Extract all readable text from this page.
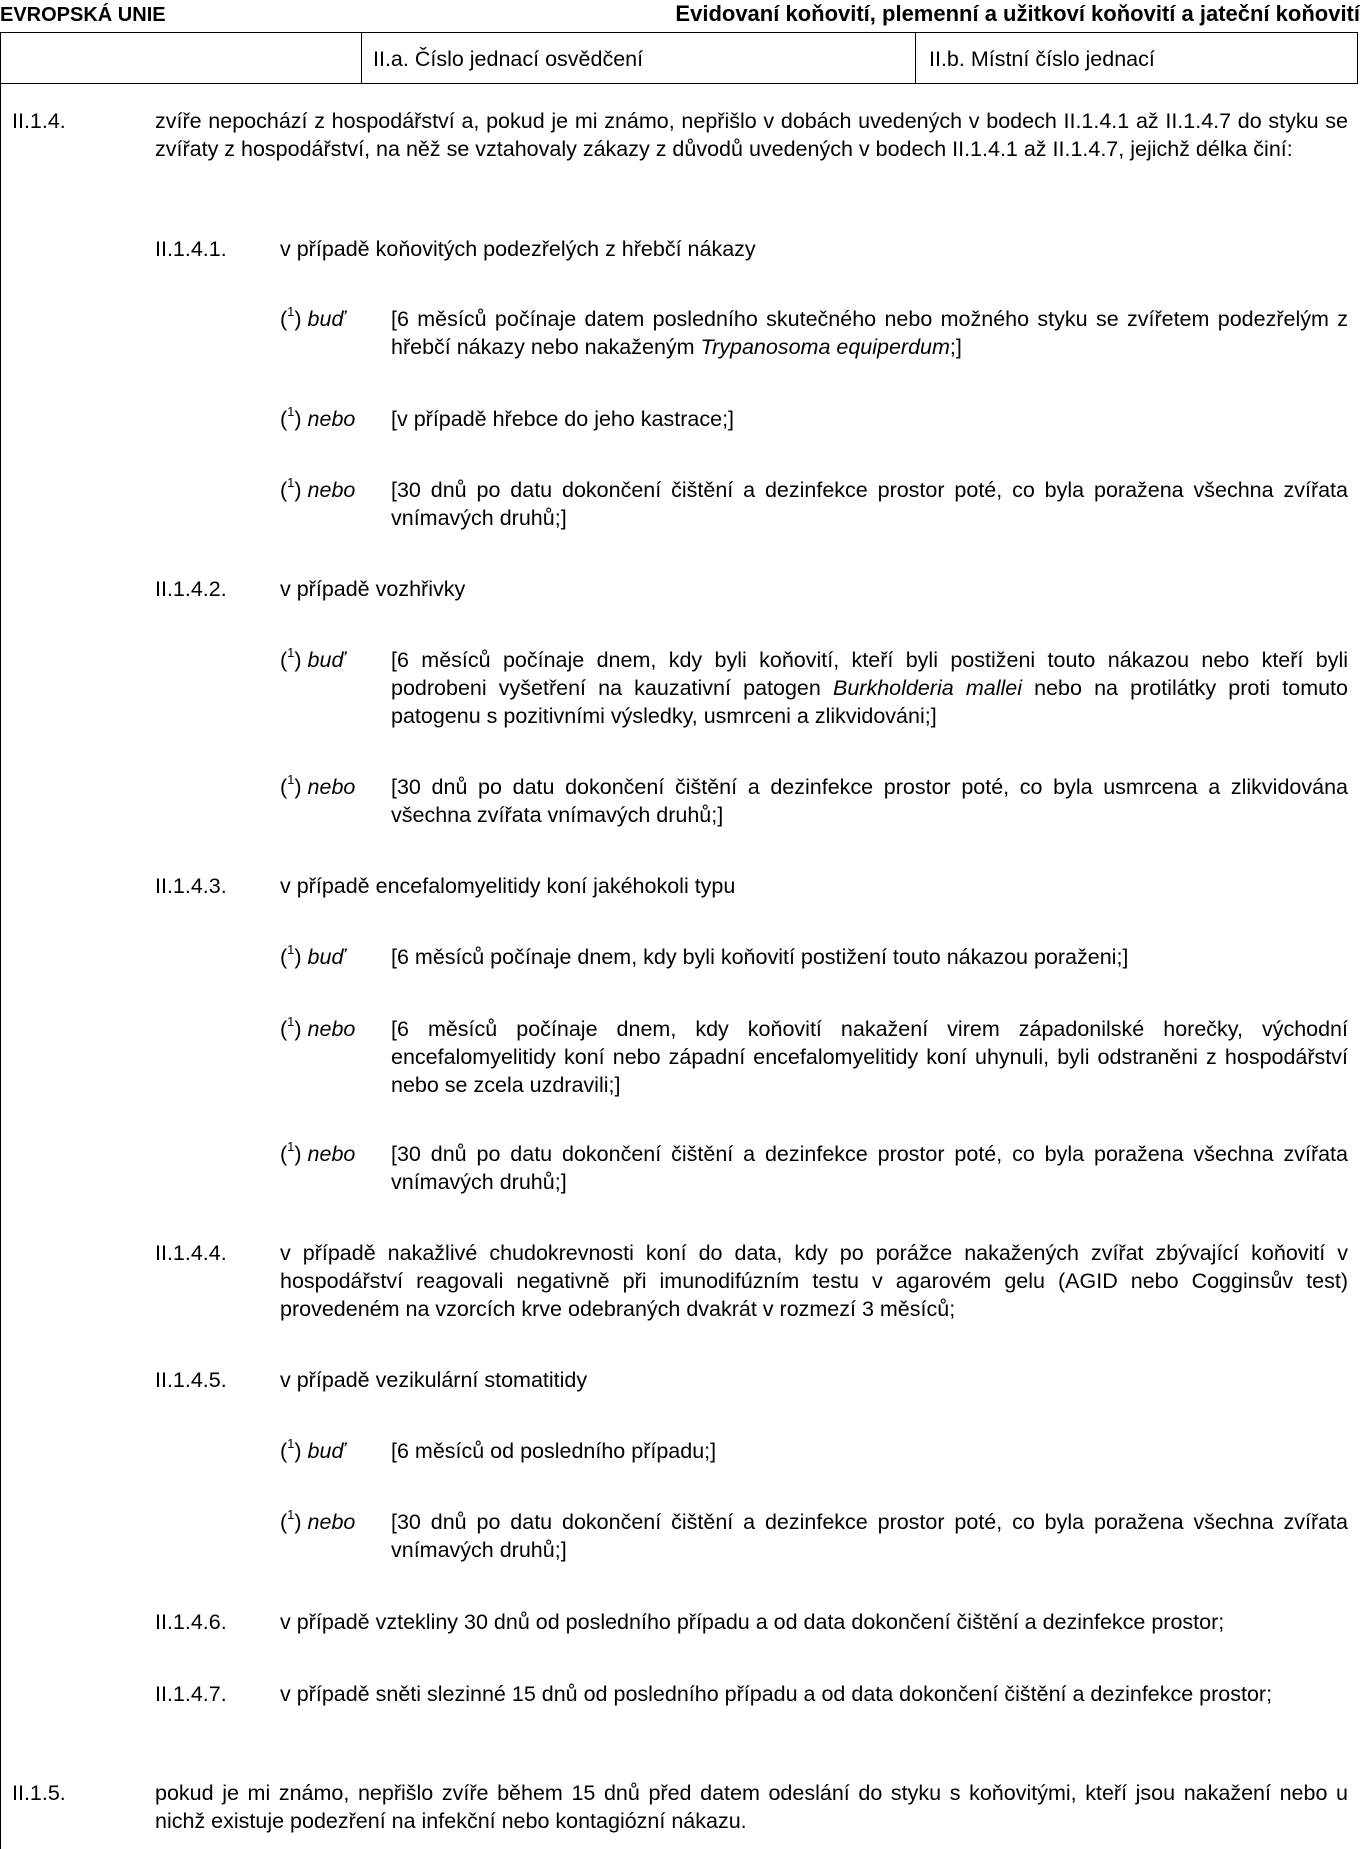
EVROPSKÁ UNIE	Evidovaní koňovití, plemenní a užitkoví koňovití a jateční koňovití
II.a. Číslo jednací osvědčení	II.b. Místní číslo jednací
II.1.4.	zvíře nepochází z hospodářství a, pokud je mi známo, nepřišlo v dobách uvedených v bodech II.1.4.1 až II.1.4.7 do styku se zvířaty z hospodářství, na něž se vztahovaly zákazy z důvodů uvedených v bodech II.1.4.1 až II.1.4.7, jejichž délka činí:
II.1.4.1. v případě koňovitých podezřelých z hřebčí nákazy
($^1$) buď [6 měsíců počínaje datem posledního skutečného nebo možného styku se zvířetem podezřelým z hřebčí nákazy nebo nakaženým Trypanosoma equiperdum;]
($^1$) nebo [v případě hřebce do jeho kastrace;]
($^1$) nebo [30 dnů po datu dokončení čištění a dezinfekce prostor poté, co byla poražena všechna zvířata vnímavých druhů;]
II.1.4.2. v případě vozhřivky
($^1$) buď [6 měsíců počínaje dnem, kdy byli koňovití, kteří byli postiženi touto nákazou nebo kteří byli podrobeni vyšetření na kauzativní patogen Burkholderia mallei nebo na protilátky proti tomuto patogenu s pozitivními výsledky, usmrceni a zlikvidováni;]
($^1$) nebo [30 dnů po datu dokončení čištění a dezinfekce prostor poté, co byla usmrcena a zlikvidována všechna zvířata vnímavých druhů;]
II.1.4.3. v případě encefalomyelitidy koní jakéhokoli typu
($^1$) buď [6 měsíců počínaje dnem, kdy byli koňovití postižení touto nákazou poraženi;]
($^1$) nebo [6 měsíců počínaje dnem, kdy koňovití nakažení virem západonilské horečky, východní encefalomyelitidy koní nebo západní encefalomyelitidy koní uhynuli, byli odstraněni z hospodářství nebo se zcela uzdravili;]
($^1$) nebo [30 dnů po datu dokončení čištění a dezinfekce prostor poté, co byla poražena všechna zvířata vnímavých druhů;]
II.1.4.4. v případě nakažlivé chudokrevnosti koní do data, kdy po porážce nakažených zvířat zbývající koňovití v hospodářství reagovali negativně při imunodifúzním testu v agarovém gelu (AGID nebo Cogginsův test) provedeném na vzorcích krve odebraných dvakrát v rozmezí 3 měsíců;
II.1.4.5. v případě vezikulární stomatitidy
($^1$) buď [6 měsíců od posledního případu;]
($^1$) nebo [30 dnů po datu dokončení čištění a dezinfekce prostor poté, co byla poražena všechna zvířata vnímavých druhů;]
II.1.4.6. v případě vztekliny 30 dnů od posledního případu a od data dokončení čištění a dezinfekce prostor;
II.1.4.7. v případě sněti slezinné 15 dnů od posledního případu a od data dokončení čištění a dezinfekce prostor;
II.1.5.	pokud je mi známo, nepřišlo zvíře během 15 dnů před datem odeslání do styku s koňovitými, kteří jsou nakažení nebo u nichž existuje podezření na infekční nebo kontagiózní nákazu.
